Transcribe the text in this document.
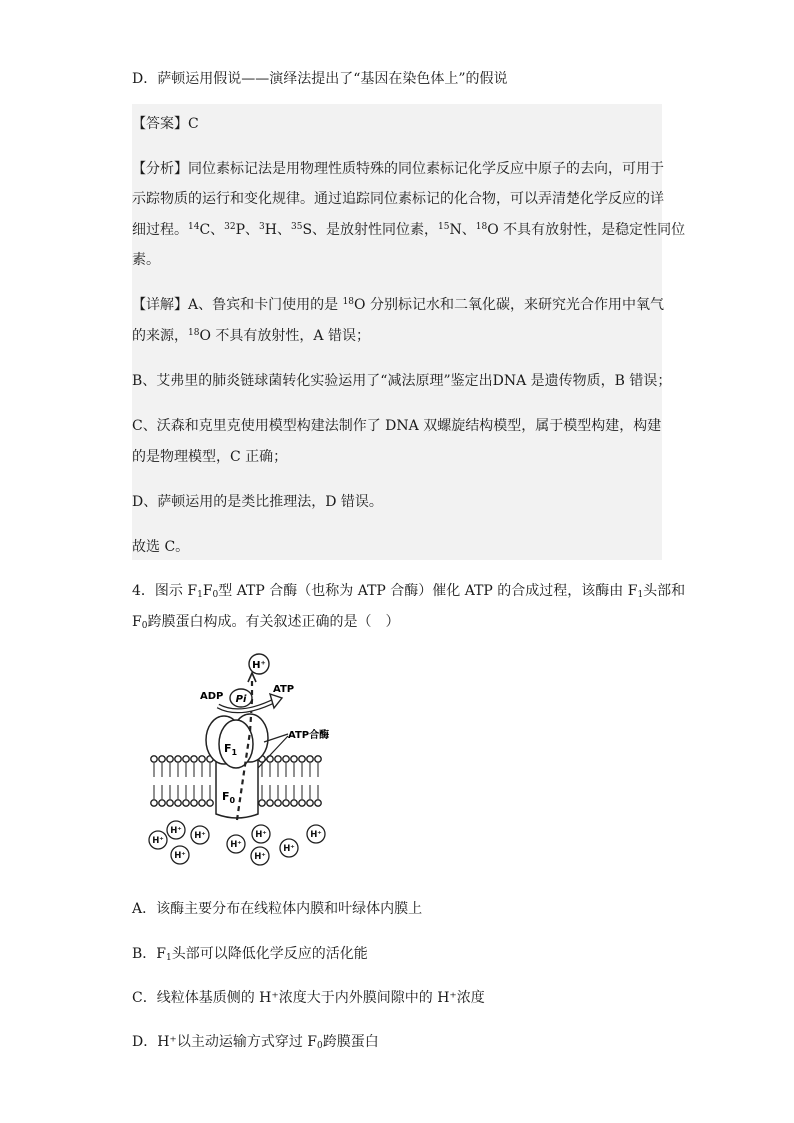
D．萨顿运用假说——演绎法提出了“基因在染色体上”的假说
【答案】C
【分析】同位素标记法是用物理性质特殊的同位素标记化学反应中原子的去向，可用于
示踪物质的运行和变化规律。通过追踪同位素标记的化合物，可以弄清楚化学反应的详
细过程。$^{14}$C、$^{32}$P、$^3$H、$^{35}$S、是放射性同位素，$^{15}$N、$^{18}$O 不具有放射性，是稳定性同位
素。
【详解】A、鲁宾和卡门使用的是 $^{18}$O 分别标记水和二氧化碳，来研究光合作用中氧气
的来源，$^{18}$O 不具有放射性，A 错误；
B、艾弗里的肺炎链球菌转化实验运用了“减法原理”鉴定出DNA 是遗传物质，B 错误；
C、沃森和克里克使用模型构建法制作了 DNA 双螺旋结构模型，属于模型构建，构建
的是物理模型，C 正确；
D、萨顿运用的是类比推理法，D 错误。
故选 C。
4．图示 $F_1F_0$型 ATP 合酶（也称为 ATP 合酶）催化 ATP 的合成过程，该酶由 $F_1$头部和
$F_0$跨膜蛋白构成。有关叙述正确的是（　）
H⁺
ADP Pi
ATP
ATP合酶
$F_1$
$F_0$
H⁺ H⁺
H⁺
H⁺
H⁺
H⁺
H⁺
H⁺
H⁺
A．该酶主要分布在线粒体内膜和叶绿体内膜上
B．$F_1$头部可以降低化学反应的活化能
C．线粒体基质侧的 H⁺浓度大于内外膜间隙中的 H⁺浓度
D．H⁺以主动运输方式穿过 $F_0$跨膜蛋白
